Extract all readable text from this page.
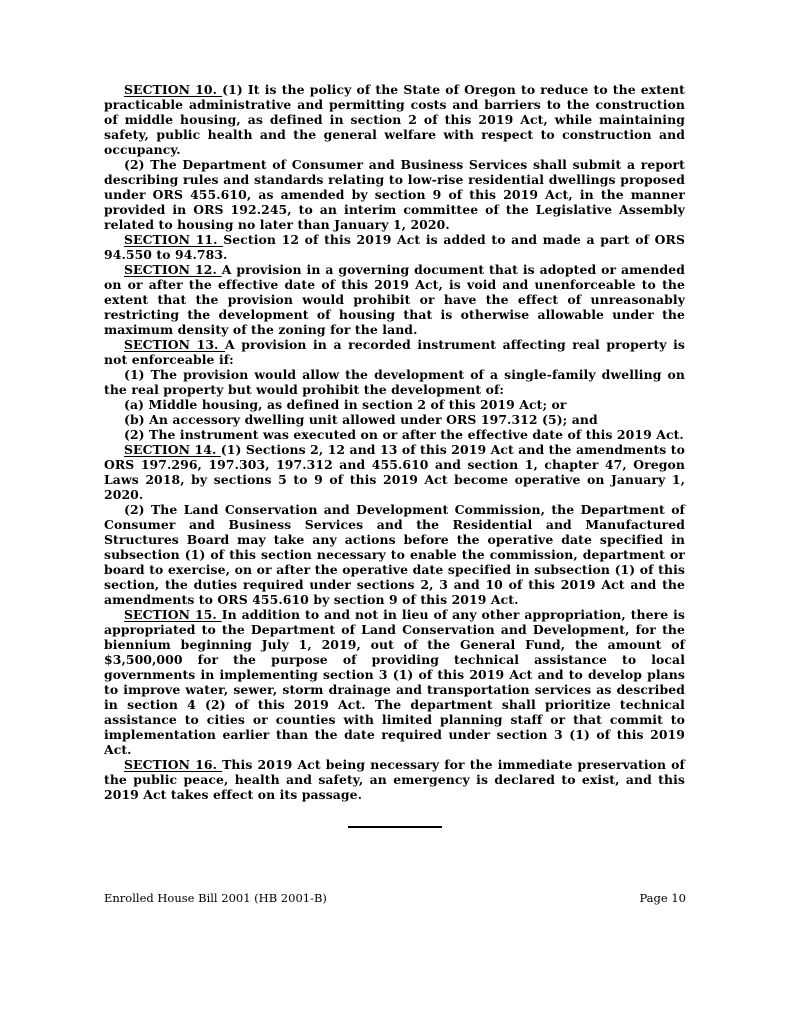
SECTION 10. (1) It is the policy of the State of Oregon to reduce to the extent practicable administrative and permitting costs and barriers to the construction of middle housing, as defined in section 2 of this 2019 Act, while maintaining safety, public health and the general welfare with respect to construction and occupancy.

(2) The Department of Consumer and Business Services shall submit a report describing rules and standards relating to low-rise residential dwellings proposed under ORS 455.610, as amended by section 9 of this 2019 Act, in the manner provided in ORS 192.245, to an interim committee of the Legislative Assembly related to housing no later than January 1, 2020.

SECTION 11. Section 12 of this 2019 Act is added to and made a part of ORS 94.550 to 94.783.

SECTION 12. A provision in a governing document that is adopted or amended on or after the effective date of this 2019 Act, is void and unenforceable to the extent that the provision would prohibit or have the effect of unreasonably restricting the development of housing that is otherwise allowable under the maximum density of the zoning for the land.

SECTION 13. A provision in a recorded instrument affecting real property is not enforceable if:

(1) The provision would allow the development of a single-family dwelling on the real property but would prohibit the development of:

(a) Middle housing, as defined in section 2 of this 2019 Act; or

(b) An accessory dwelling unit allowed under ORS 197.312 (5); and

(2) The instrument was executed on or after the effective date of this 2019 Act.

SECTION 14. (1) Sections 2, 12 and 13 of this 2019 Act and the amendments to ORS 197.296, 197.303, 197.312 and 455.610 and section 1, chapter 47, Oregon Laws 2018, by sections 5 to 9 of this 2019 Act become operative on January 1, 2020.

(2) The Land Conservation and Development Commission, the Department of Consumer and Business Services and the Residential and Manufactured Structures Board may take any actions before the operative date specified in subsection (1) of this section necessary to enable the commission, department or board to exercise, on or after the operative date specified in subsection (1) of this section, the duties required under sections 2, 3 and 10 of this 2019 Act and the amendments to ORS 455.610 by section 9 of this 2019 Act.

SECTION 15. In addition to and not in lieu of any other appropriation, there is appropriated to the Department of Land Conservation and Development, for the biennium beginning July 1, 2019, out of the General Fund, the amount of $3,500,000 for the purpose of providing technical assistance to local governments in implementing section 3 (1) of this 2019 Act and to develop plans to improve water, sewer, storm drainage and transportation services as described in section 4 (2) of this 2019 Act. The department shall prioritize technical assistance to cities or counties with limited planning staff or that commit to implementation earlier than the date required under section 3 (1) of this 2019 Act.

SECTION 16. This 2019 Act being necessary for the immediate preservation of the public peace, health and safety, an emergency is declared to exist, and this 2019 Act takes effect on its passage.

Enrolled House Bill 2001 (HB 2001-B)	Page 10
